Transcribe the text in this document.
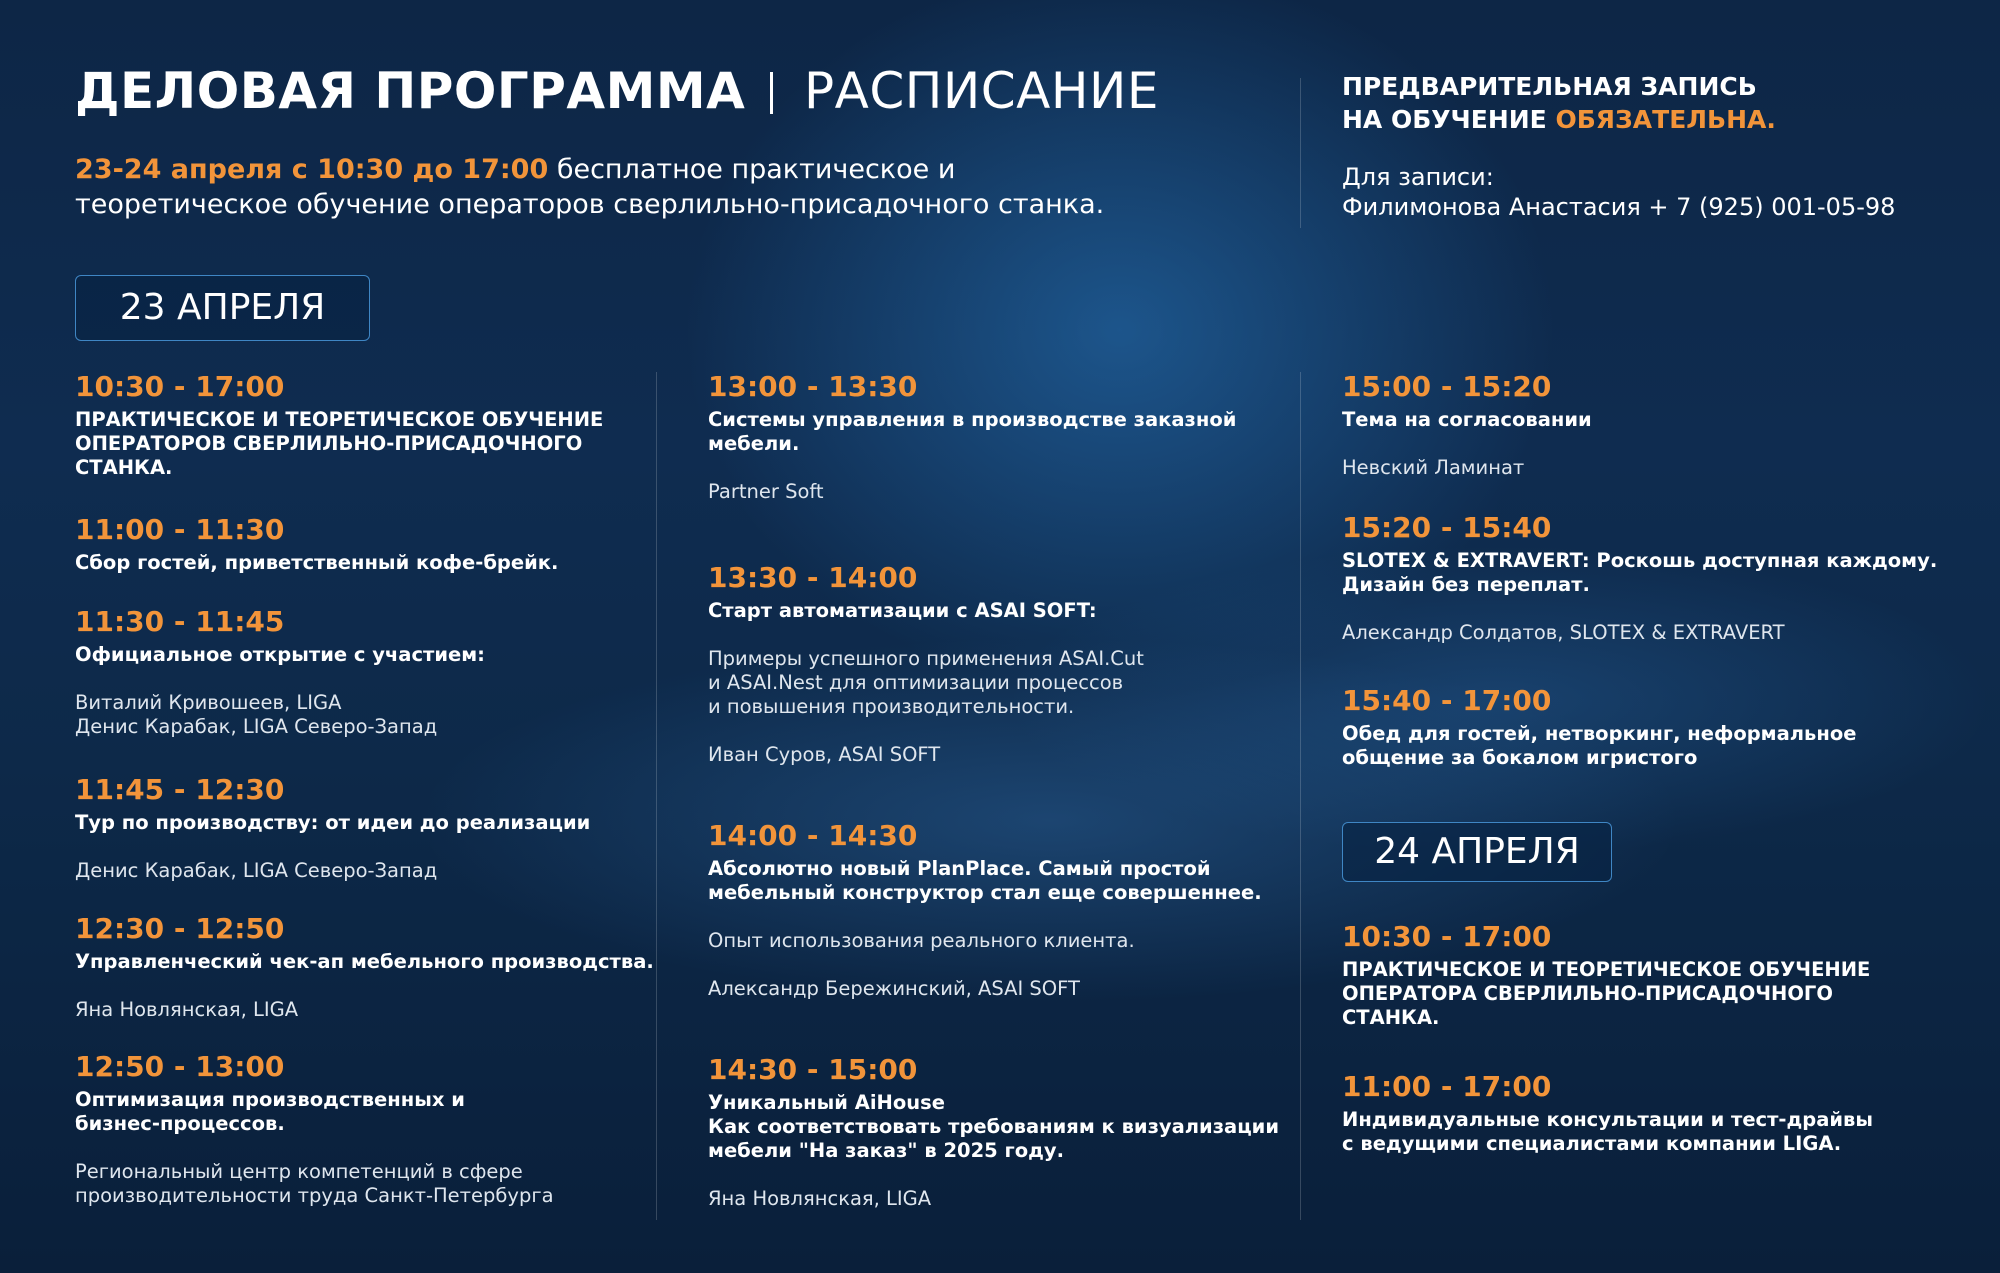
ДЕЛОВАЯ ПРОГРАММА РАСПИСАНИЕ
23-24 апреля с 10:30 до 17:00 бесплатное практическое и
теоретическое обучение операторов сверлильно-присадочного станка.
ПРЕДВАРИТЕЛЬНАЯ ЗАПИСЬ
НА ОБУЧЕНИЕ ОБЯЗАТЕЛЬНА.
Для записи:
Филимонова Анастасия + 7 (925) 001-05-98
23 АПРЕЛЯ
24 АПРЕЛЯ
10:30 - 17:00
ПРАКТИЧЕСКОЕ И ТЕОРЕТИЧЕСКОЕ ОБУЧЕНИЕ
ОПЕРАТОРОВ СВЕРЛИЛЬНО-ПРИСАДОЧНОГО
СТАНКА.
11:00 - 11:30
Сбор гостей, приветственный кофе-брейк.
11:30 - 11:45
Официальное открытие с участием:
Виталий Кривошеев, LIGA
Денис Карабак, LIGA Северо-Запад
11:45 - 12:30
Тур по производству: от идеи до реализации
Денис Карабак, LIGA Северо-Запад
12:30 - 12:50
Управленческий чек-ап мебельного производства.
Яна Новлянская, LIGA
12:50 - 13:00
Оптимизация производственных и
бизнес-процессов.
Региональный центр компетенций в сфере
производительности труда Санкт-Петербурга
13:00 - 13:30
Системы управления в производстве заказной
мебели.
Partner Soft
13:30 - 14:00
Старт автоматизации с ASAI SOFT:
Примеры успешного применения ASAI.Cut
и ASAI.Nest для оптимизации процессов
и повышения производительности.
Иван Суров, ASAI SOFT
14:00 - 14:30
Абсолютно новый PlanPlace. Самый простой
мебельный конструктор стал еще совершеннее.
Опыт использования реального клиента.
Александр Бережинский, ASAI SOFT
14:30 - 15:00
Уникальный AiHouse
Как соответствовать требованиям к визуализации
мебели "На заказ" в 2025 году.
Яна Новлянская, LIGA
15:00 - 15:20
Тема на согласовании
Невский Ламинат
15:20 - 15:40
SLOTEX & EXTRAVERT: Роскошь доступная каждому.
Дизайн без переплат.
Александр Солдатов, SLOTEX & EXTRAVERT
15:40 - 17:00
Обед для гостей, нетворкинг, неформальное
общение за бокалом игристого
10:30 - 17:00
ПРАКТИЧЕСКОЕ И ТЕОРЕТИЧЕСКОЕ ОБУЧЕНИЕ
ОПЕРАТОРА СВЕРЛИЛЬНО-ПРИСАДОЧНОГО
СТАНКА.
11:00 - 17:00
Индивидуальные консультации и тест-драйвы
с ведущими специалистами компании LIGA.
